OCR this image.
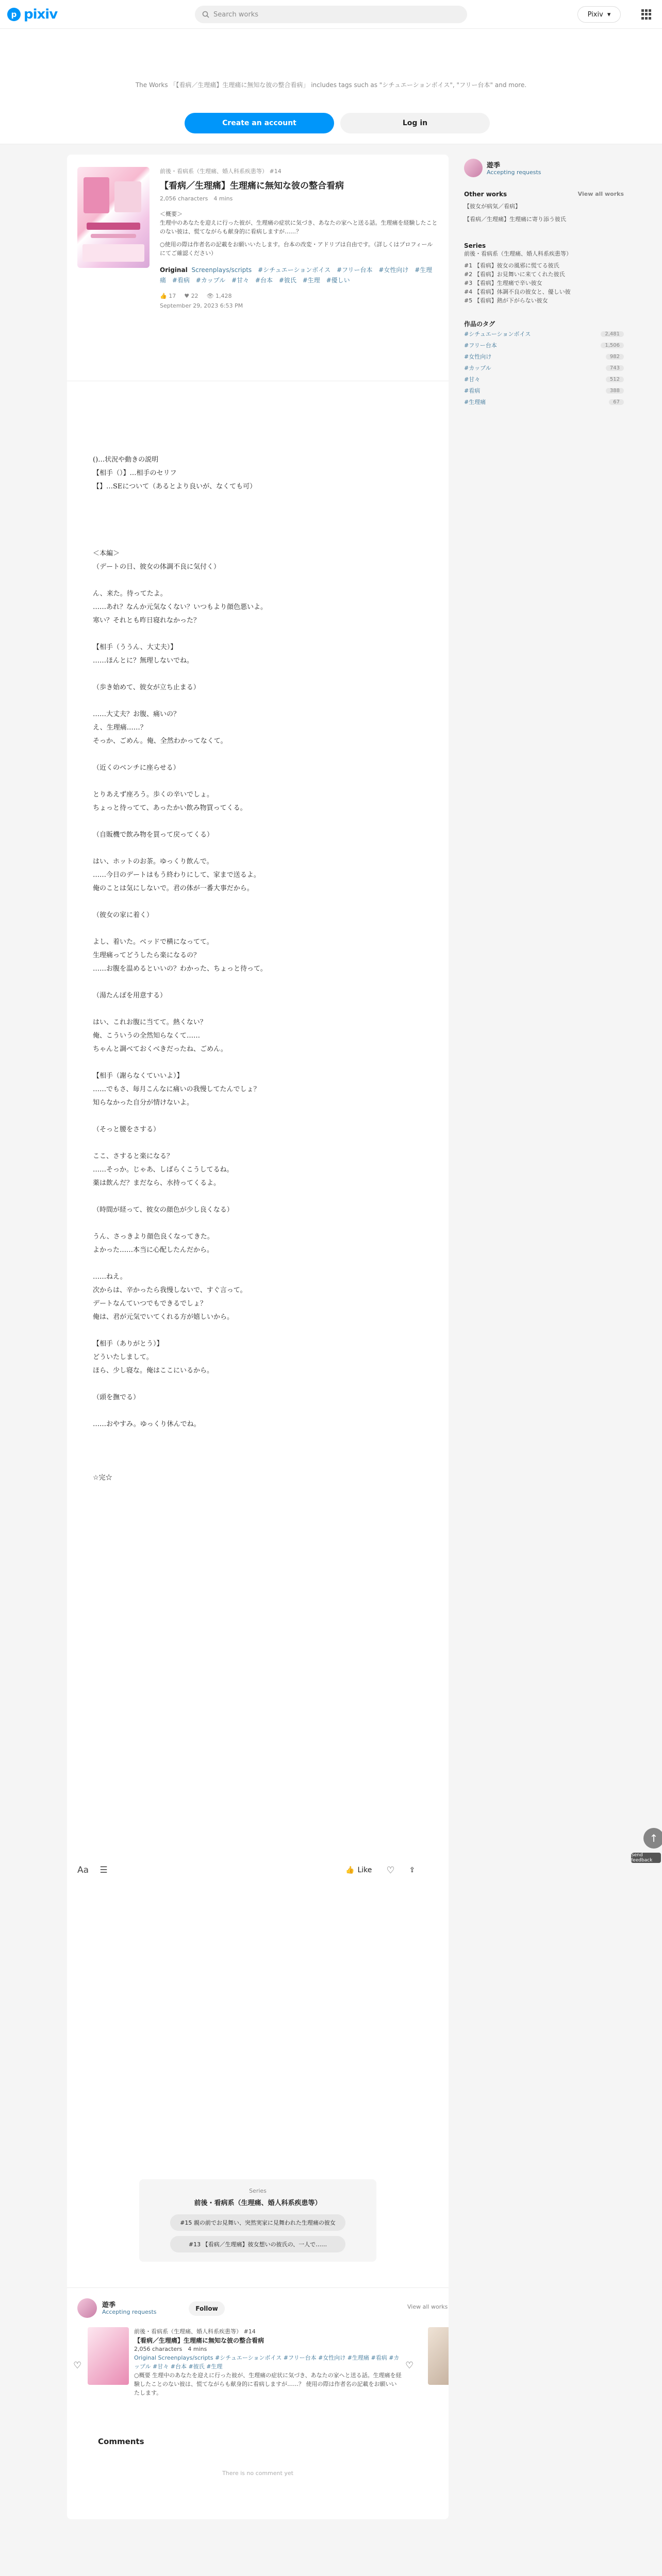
p pixiv	Search works	Pixiv ▾
The Works 「【看病／生理痛】生理痛に無知な彼の整合看病」 includes tags such as "シチュエーションボイス", "フリー台本" and more.
Create an account	Log in
前後・看病系（生理痛、婚人科系疾患等） #14
【看病／生理痛】生理痛に無知な彼の整合看病
2,056 characters　4 mins
＜概要＞
生理中のあなたを迎えに行った彼が、生理痛の症状に気づき、あなたの家へと送る話。生理痛を経験したことのない彼は、慌てながらも献身的に看病しますが……？
○使用の際は作者名の記載をお願いいたします。台本の改変・アドリブは自由です。（詳しくはプロフィールにてご確認ください）
Original Screenplays/scripts #シチュエーションボイス #フリー台本 #女性向け #生理痛 #看病 #カップル #甘々 #台本 #彼氏 #生理 #優しい
👍 17 ♥ 22 👁 1,428
September 29, 2023 6:53 PM
()…状況や動きの説明
【相手（）】…相手のセリフ
【】…SEについて（あるとより良いが、なくても可）

＜本編＞
（デートの日、彼女の体調不良に気付く）

ん、来た。待ってたよ。
……あれ？なんか元気なくない？いつもより顔色悪いよ。
寒い？それとも昨日寝れなかった？

【相手（ううん、大丈夫）】
……ほんとに？無理しないでね。

（歩き始めて、彼女が立ち止まる）

……大丈夫？お腹、痛いの？
え、生理痛……？
そっか、ごめん。俺、全然わかってなくて。

（近くのベンチに座らせる）

とりあえず座ろう。歩くの辛いでしょ。
ちょっと待ってて、あったかい飲み物買ってくる。

（自販機で飲み物を買って戻ってくる）

はい、ホットのお茶。ゆっくり飲んで。
……今日のデートはもう終わりにして、家まで送るよ。
俺のことは気にしないで。君の体が一番大事だから。

（彼女の家に着く）

よし、着いた。ベッドで横になってて。
生理痛ってどうしたら楽になるの？
……お腹を温めるといいの？わかった、ちょっと待って。

（湯たんぽを用意する）

はい、これお腹に当てて。熱くない？
俺、こういうの全然知らなくて……
ちゃんと調べておくべきだったね、ごめん。

【相手（謝らなくていいよ）】
……でもさ、毎月こんなに痛いの我慢してたんでしょ？
知らなかった自分が情けないよ。

（そっと腰をさする）

ここ、さすると楽になる？
……そっか。じゃあ、しばらくこうしてるね。
薬は飲んだ？まだなら、水持ってくるよ。

（時間が経って、彼女の顔色が少し良くなる）

うん、さっきより顔色良くなってきた。
よかった……本当に心配したんだから。

……ねえ。
次からは、辛かったら我慢しないで、すぐ言って。
デートなんていつでもできるでしょ？
俺は、君が元気でいてくれる方が嬉しいから。

【相手（ありがとう）】
どういたしまして。
ほら、少し寝な。俺はここにいるから。

（頭を撫でる）

……おやすみ。ゆっくり休んでね。

☆完☆
Aa ☰	👍 Like ♡ ⇪
Series
前後・看病系（生理痛、婚人科系疾患等）
#15 親の前でお見舞い、突然実家に見舞われた生理痛の彼女
#13 【看病／生理痛】彼女想いの彼氏の、一人で……
遊季
Accepting requests	Follow	View all works
前後・看病系（生理痛、婚人科系疾患等） #14
【看病／生理痛】生理痛に無知な彼の整合看病
2,056 characters　4 mins
Original Screenplays/scripts #シチュエーションボイス #フリー台本 #女性向け #生理痛 #看病 #カップル #甘々 #台本 #彼氏 #生理
○概要 生理中のあなたを迎えに行った彼が、生理痛の症状に気づき、あなたの家へと送る話。生理痛を経験したことのない彼は、慌てながらも献身的に看病しますが……？ 使用の際は作者名の記載をお願いいたします。
♡	♡
Comments
There is no comment yet
遊季
Accepting requests
Other works	View all works
【彼女が病気／看病】
【看病／生理痛】生理痛に寄り添う彼氏
Series
前後・看病系（生理痛、婚人科系疾患等）
#1 【看病】彼女の風邪に慌てる彼氏
#2 【看病】お見舞いに来てくれた彼氏
#3 【看病】生理痛で辛い彼女
#4 【看病】体調不良の彼女と、優しい彼
#5 【看病】熱が下がらない彼女
作品のタグ
#シチュエーションボイス	2,481
#フリー台本	1,506
#女性向け	982
#カップル	743
#甘々	512
#看病	388
#生理痛	67
↑
Send feedback
